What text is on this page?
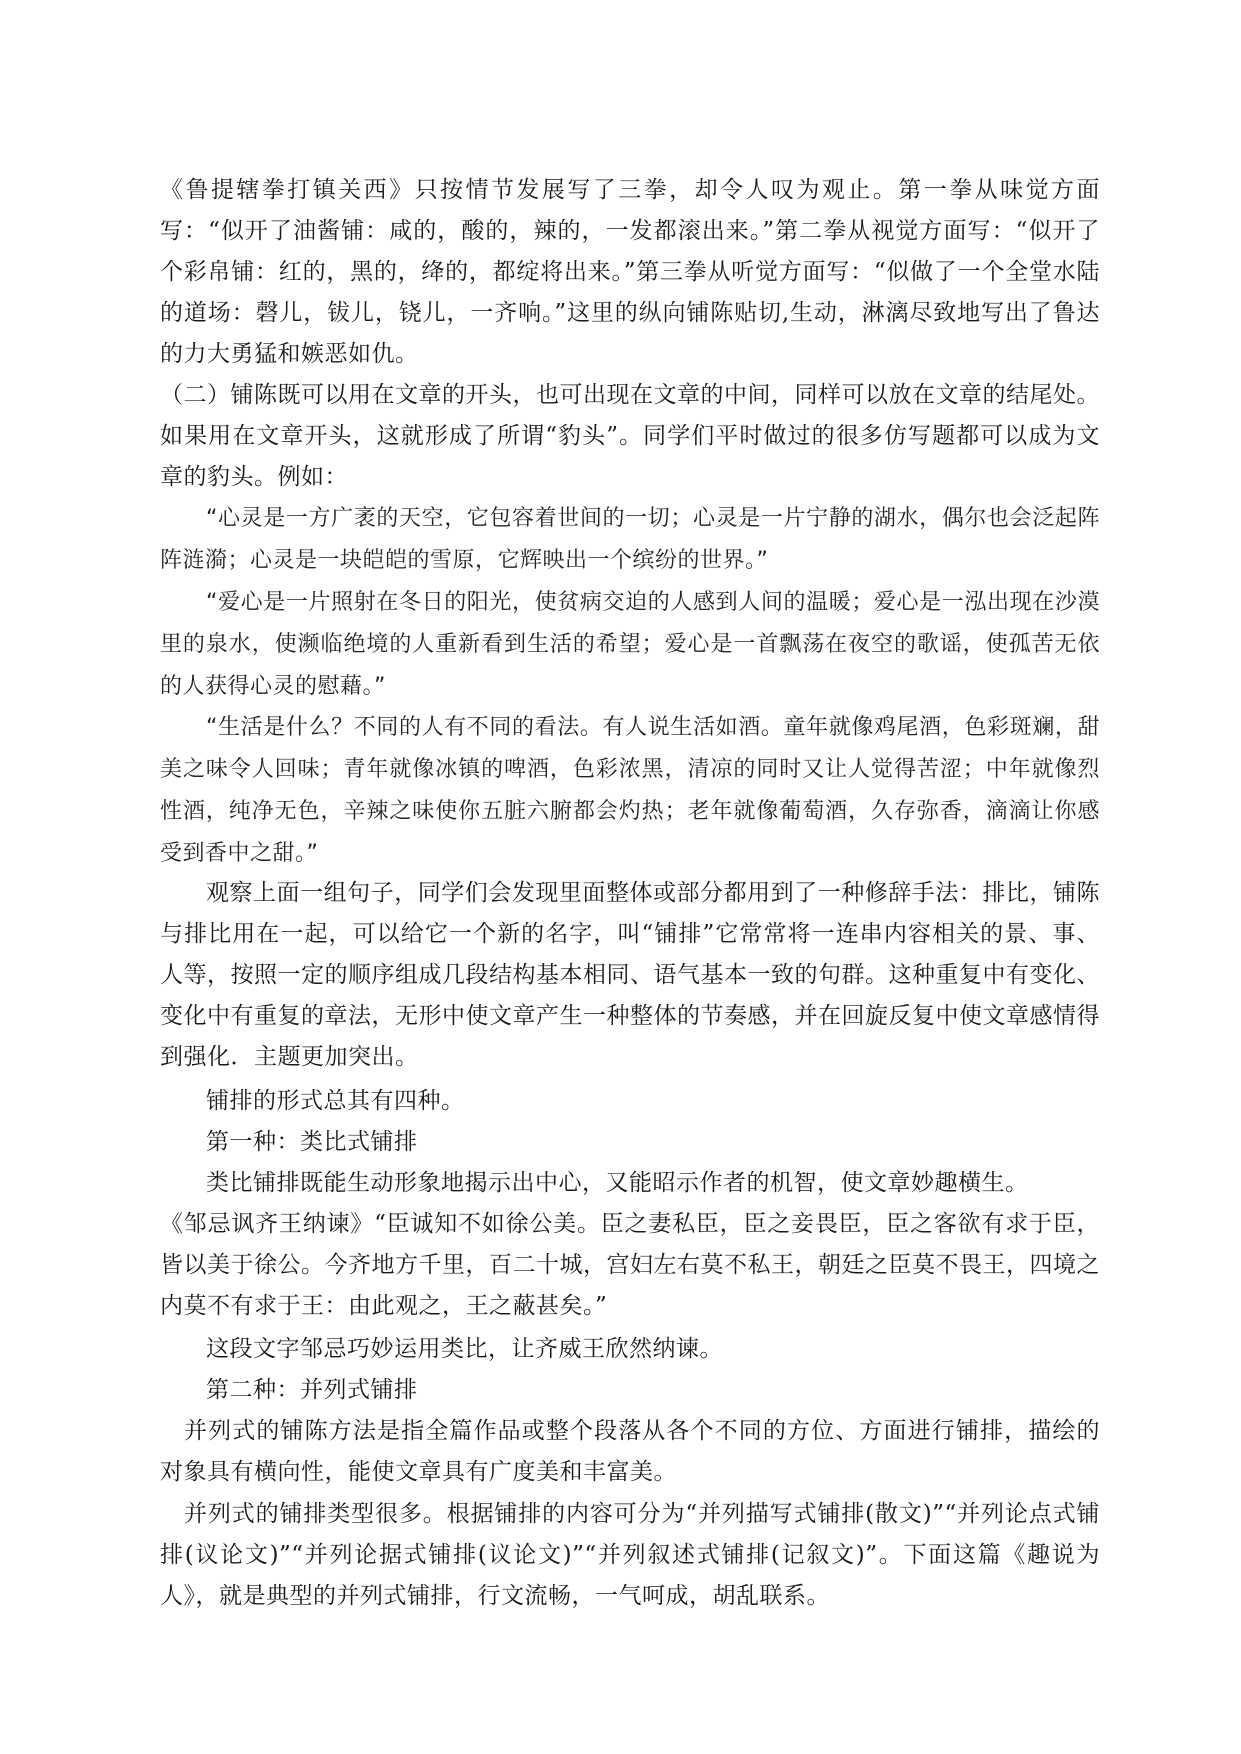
《鲁提辖拳打镇关西》只按情节发展写了三拳，却令人叹为观止。第一拳从味觉方面写：“似开了油酱铺：咸的，酸的，辣的，一发都滚出来。”第二拳从视觉方面写：“似开了个彩帛铺：红的，黑的，绛的，都绽将出来。”第三拳从听觉方面写：“似做了一个全堂水陆的道场：磬儿，钹儿，铙儿，一齐响。”这里的纵向铺陈贴切,生动，淋漓尽致地写出了鲁达的力大勇猛和嫉恶如仇。

（二）铺陈既可以用在文章的开头，也可出现在文章的中间，同样可以放在文章的结尾处。如果用在文章开头，这就形成了所谓“豹头”。同学们平时做过的很多仿写题都可以成为文章的豹头。例如：

“心灵是一方广袤的天空，它包容着世间的一切；心灵是一片宁静的湖水，偶尔也会泛起阵阵涟漪；心灵是一块皑皑的雪原，它辉映出一个缤纷的世界。”

“爱心是一片照射在冬日的阳光，使贫病交迫的人感到人间的温暖；爱心是一泓出现在沙漠里的泉水，使濒临绝境的人重新看到生活的希望；爱心是一首飘荡在夜空的歌谣，使孤苦无依的人获得心灵的慰藉。”

“生活是什么？不同的人有不同的看法。有人说生活如酒。童年就像鸡尾酒，色彩斑斓，甜美之味令人回味；青年就像冰镇的啤酒，色彩浓黑，清凉的同时又让人觉得苦涩；中年就像烈性酒，纯净无色，辛辣之味使你五脏六腑都会灼热；老年就像葡萄酒，久存弥香，滴滴让你感受到香中之甜。”

观察上面一组句子，同学们会发现里面整体或部分都用到了一种修辞手法：排比，铺陈与排比用在一起，可以给它一个新的名字，叫“铺排”它常常将一连串内容相关的景、事、人等，按照一定的顺序组成几段结构基本相同、语气基本一致的句群。这种重复中有变化、变化中有重复的章法，无形中使文章产生一种整体的节奏感，并在回旋反复中使文章感情得到强化．主题更加突出。

铺排的形式总其有四种。

第一种：类比式铺排

类比铺排既能生动形象地揭示出中心，又能昭示作者的机智，使文章妙趣横生。

《邹忌讽齐王纳谏》“臣诚知不如徐公美。臣之妻私臣，臣之妾畏臣，臣之客欲有求于臣，皆以美于徐公。今齐地方千里，百二十城，宫妇左右莫不私王，朝廷之臣莫不畏王，四境之内莫不有求于王：由此观之，王之蔽甚矣。”

这段文字邹忌巧妙运用类比，让齐威王欣然纳谏。

第二种：并列式铺排

并列式的铺陈方法是指全篇作品或整个段落从各个不同的方位、方面进行铺排，描绘的对象具有横向性，能使文章具有广度美和丰富美。

并列式的铺排类型很多。根据铺排的内容可分为“并列描写式铺排(散文)”“并列论点式铺排(议论文)”“并列论据式铺排(议论文)”“并列叙述式铺排(记叙文)”。下面这篇《趣说为人》，就是典型的并列式铺排，行文流畅，一气呵成，胡乱联系。
